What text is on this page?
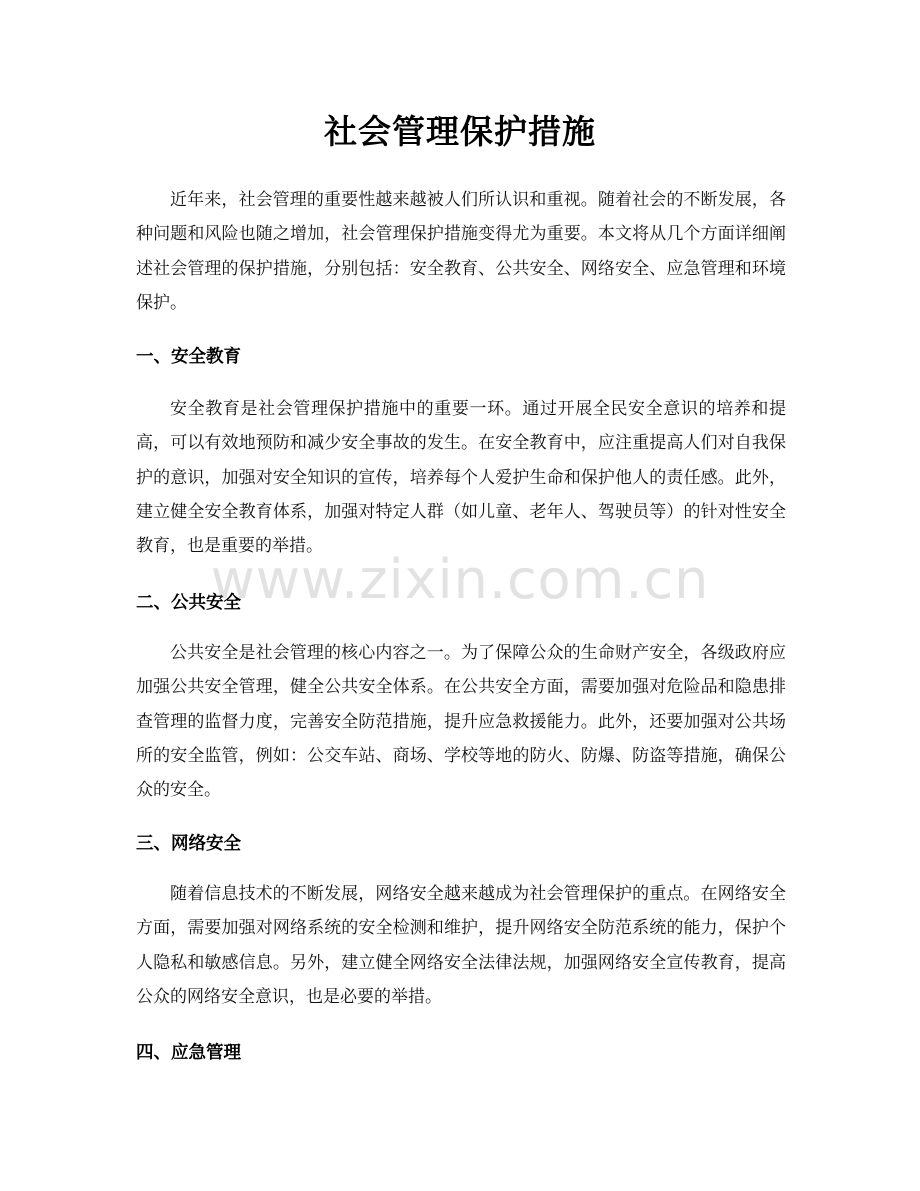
社会管理保护措施
近年来，社会管理的重要性越来越被人们所认识和重视。随着社会的不断发展，各种问题和风险也随之增加，社会管理保护措施变得尤为重要。本文将从几个方面详细阐述社会管理的保护措施，分别包括：安全教育、公共安全、网络安全、应急管理和环境保护。
一、安全教育
安全教育是社会管理保护措施中的重要一环。通过开展全民安全意识的培养和提高，可以有效地预防和减少安全事故的发生。在安全教育中，应注重提高人们对自我保护的意识，加强对安全知识的宣传，培养每个人爱护生命和保护他人的责任感。此外，建立健全安全教育体系，加强对特定人群（如儿童、老年人、驾驶员等）的针对性安全教育，也是重要的举措。
二、公共安全
公共安全是社会管理的核心内容之一。为了保障公众的生命财产安全，各级政府应加强公共安全管理，健全公共安全体系。在公共安全方面，需要加强对危险品和隐患排查管理的监督力度，完善安全防范措施，提升应急救援能力。此外，还要加强对公共场所的安全监管，例如：公交车站、商场、学校等地的防火、防爆、防盗等措施，确保公众的安全。
三、网络安全
随着信息技术的不断发展，网络安全越来越成为社会管理保护的重点。在网络安全方面，需要加强对网络系统的安全检测和维护，提升网络安全防范系统的能力，保护个人隐私和敏感信息。另外，建立健全网络安全法律法规，加强网络安全宣传教育，提高公众的网络安全意识，也是必要的举措。
四、应急管理
www.zixin.com.cn
